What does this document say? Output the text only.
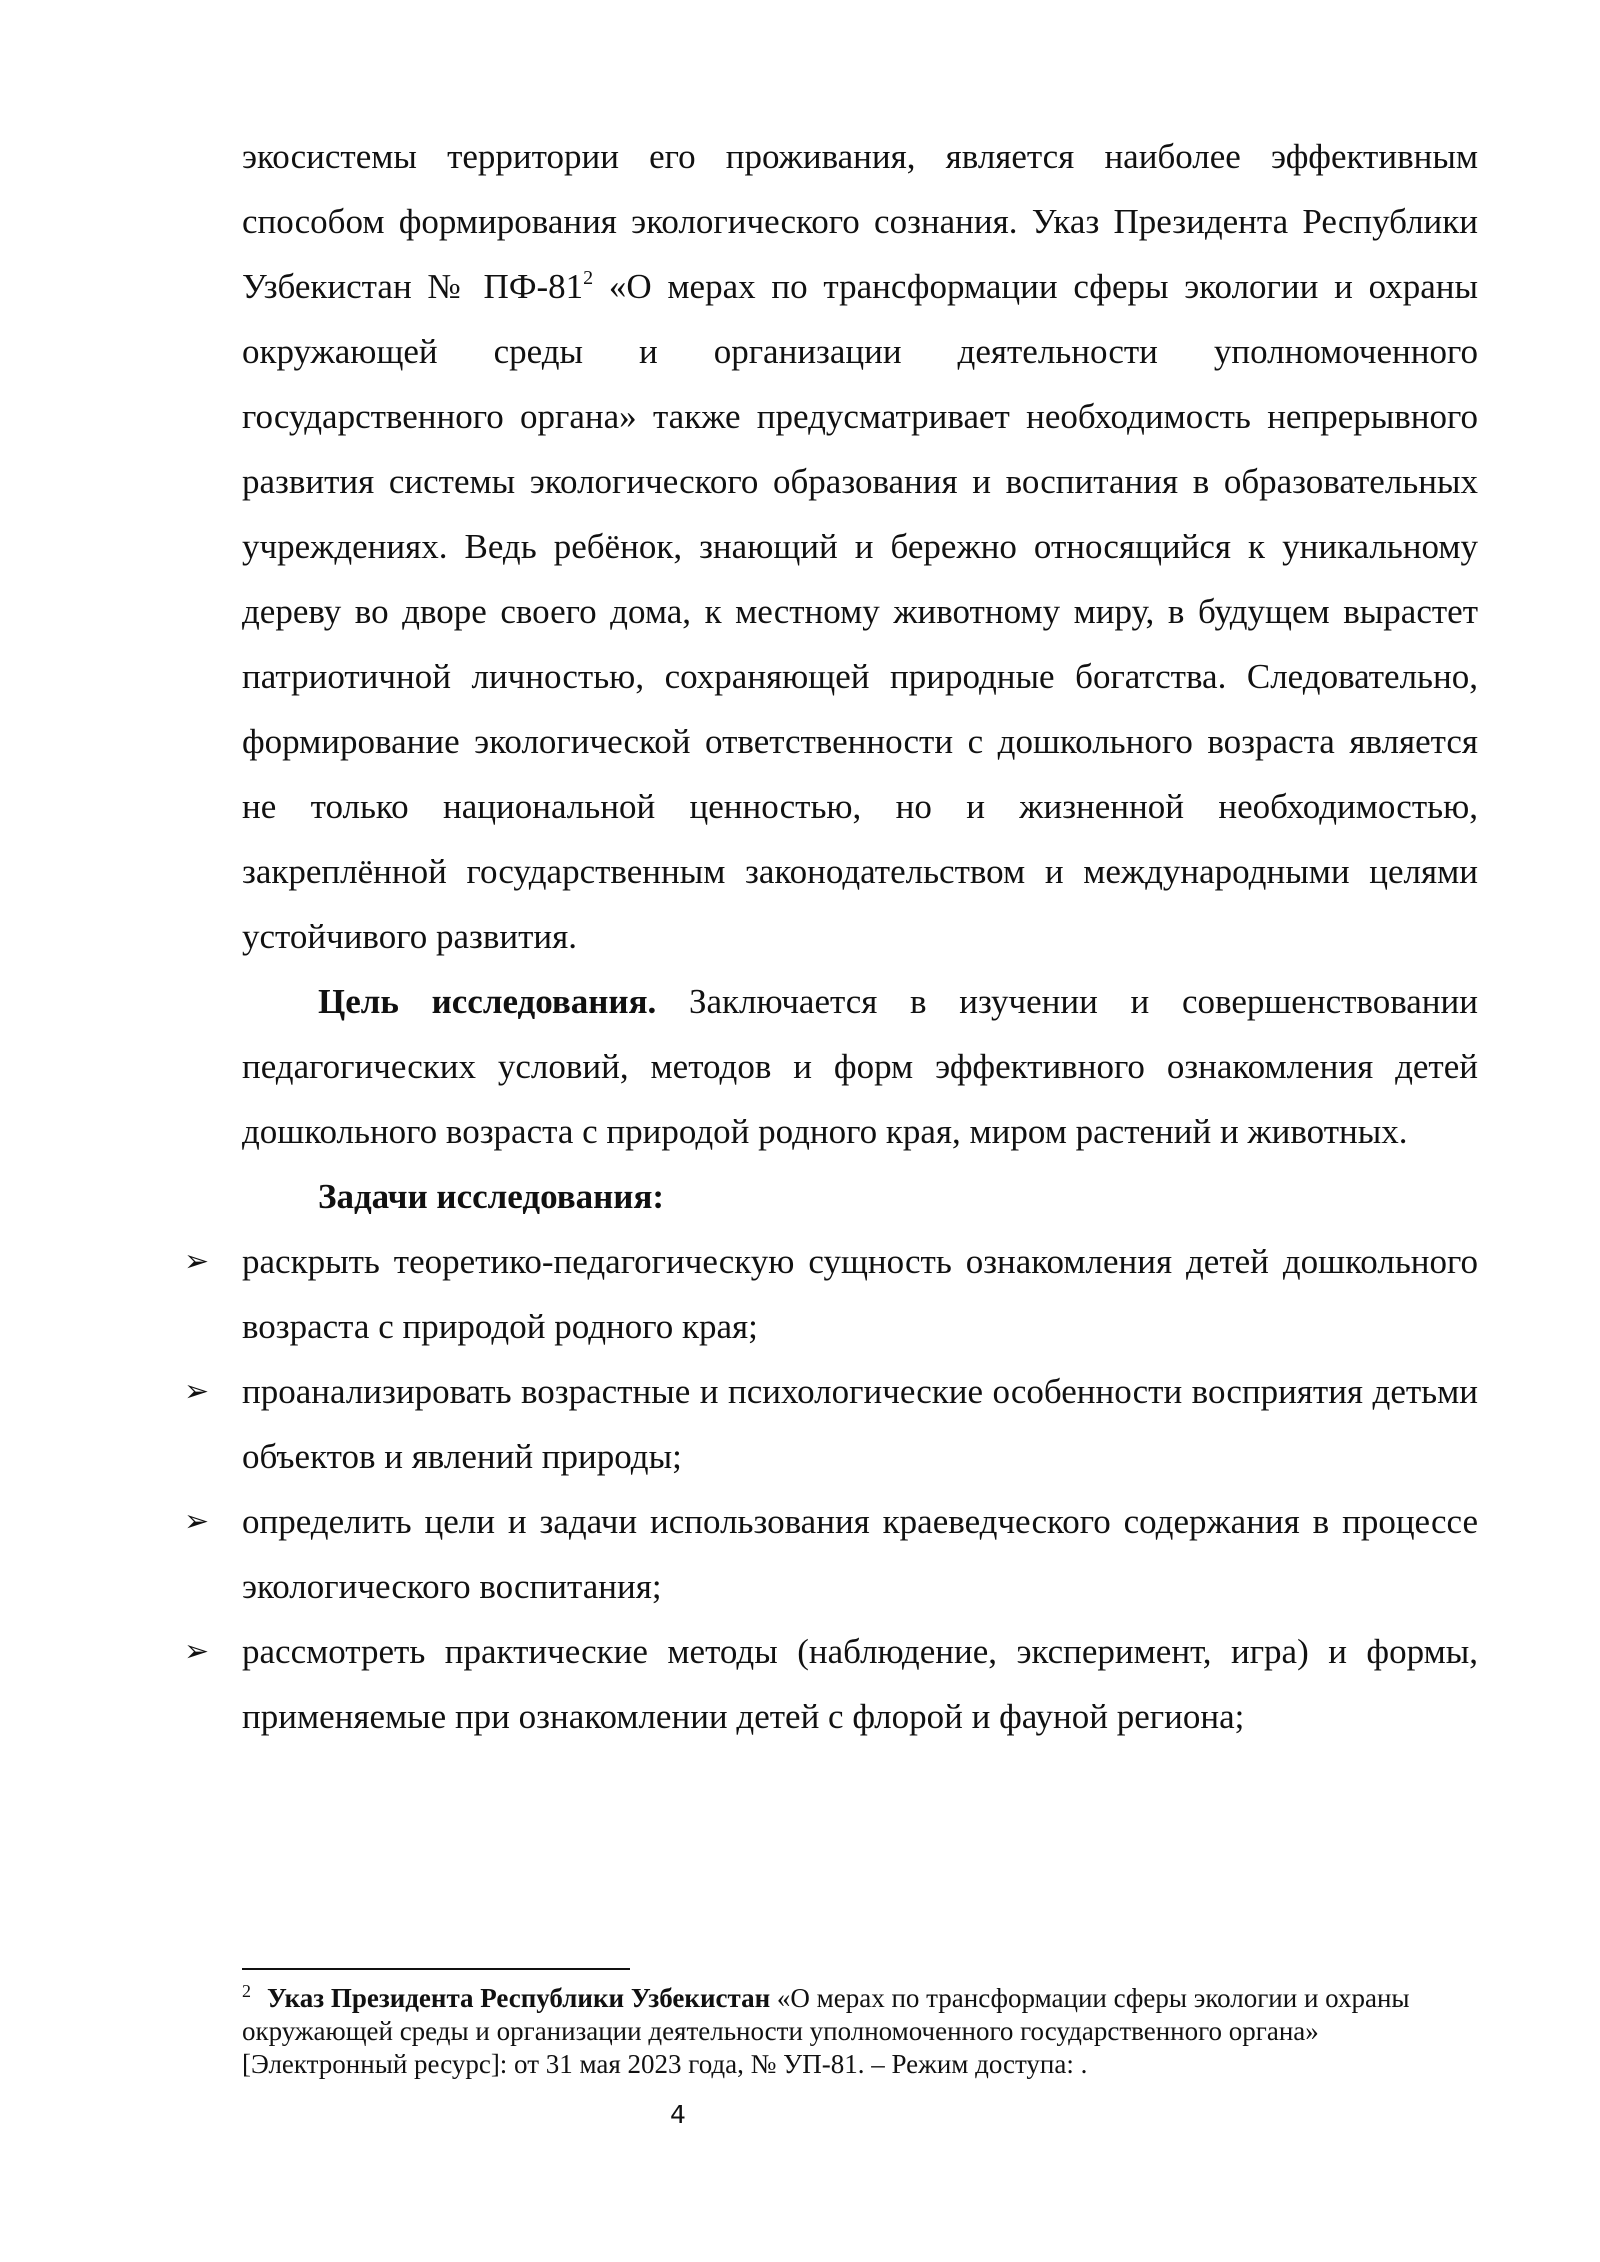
экосистемы территории его проживания, является наиболее эффективным способом формирования экологического сознания. Указ Президента Республики Узбекистан № $ПФ-81^2$ «О мерах по трансформации сферы экологии и охраны окружающей среды и организации деятельности уполномоченного государственного органа» также предусматривает необходимость непрерывного развития системы экологического образования и воспитания в образовательных учреждениях. Ведь ребёнок, знающий и бережно относящийся к уникальному дереву во дворе своего дома, к местному животному миру, в будущем вырастет патриотичной личностью, сохраняющей природные богатства. Следовательно, формирование экологической ответственности с дошкольного возраста является не только национальной ценностью, но и жизненной необходимостью, закреплённой государственным законодательством и международными целями устойчивого развития.

Цель исследования. Заключается в изучении и совершенствовании педагогических условий, методов и форм эффективного ознакомления детей дошкольного возраста с природой родного края, миром растений и животных.

Задачи исследования:

➢ раскрыть теоретико-педагогическую сущность ознакомления детей дошкольного возраста с природой родного края;
➢ проанализировать возрастные и психологические особенности восприятия детьми объектов и явлений природы;
➢ определить цели и задачи использования краеведческого содержания в процессе экологического воспитания;
➢ рассмотреть практические методы (наблюдение, эксперимент, игра) и формы, применяемые при ознакомлении детей с флорой и фауной региона;
$^2$ Указ Президента Республики Узбекистан «О мерах по трансформации сферы экологии и охраны окружающей среды и организации деятельности уполномоченного государственного органа» [Электронный ресурс]: от 31 мая 2023 года, № УП-81. – Режим доступа: .
4
